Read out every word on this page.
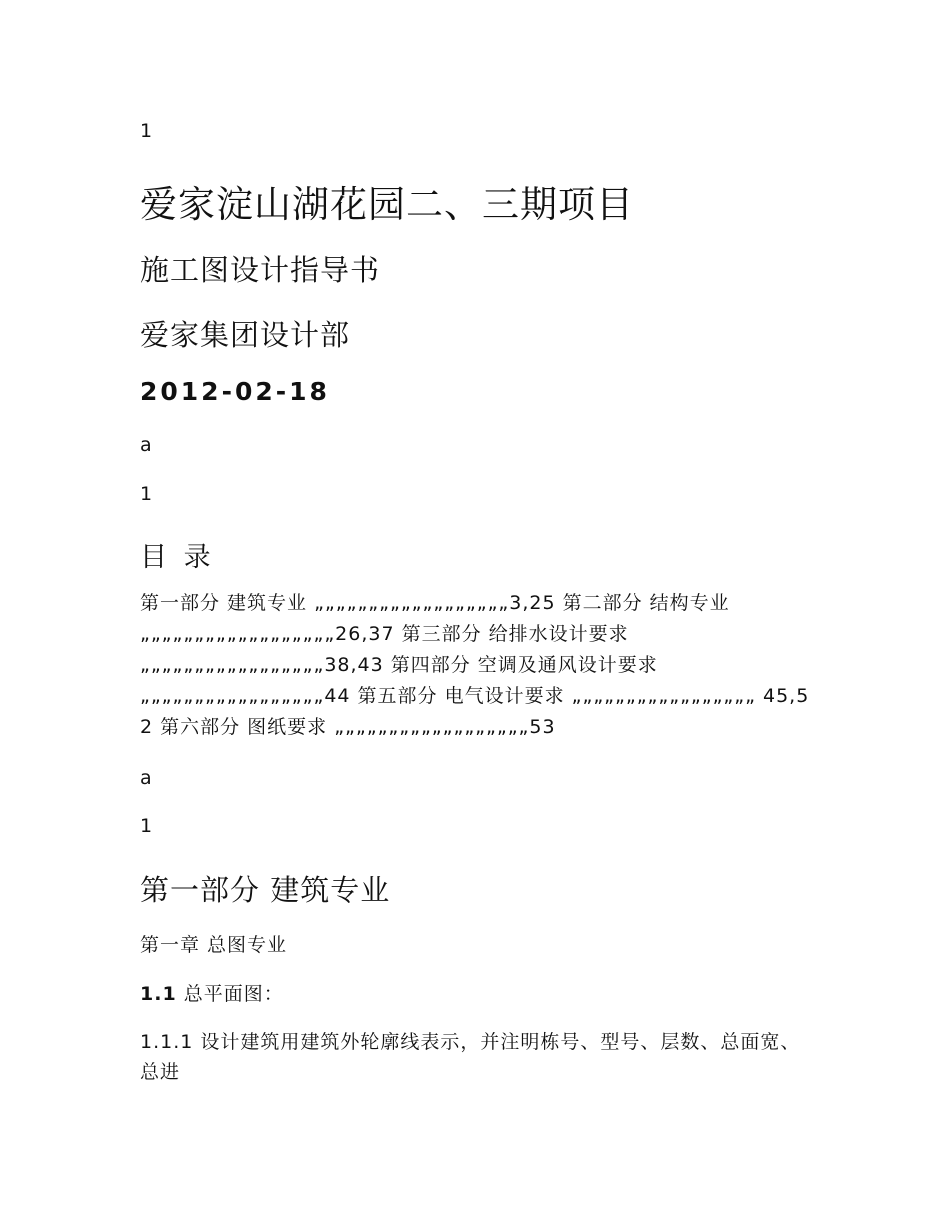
1
爱家淀山湖花园二、三期项目
施工图设计指导书
爱家集团设计部
2012-02-18
a
1
目 录

第一部分 建筑专业 „„„„„„„„„„„„„„„„„„3,25 第二部分 结构专业 „„„„„„„„„„„„„„„„„„26,37 第三部分 给排水设计要求 „„„„„„„„„„„„„„„„„38,43 第四部分 空调及通风设计要求„„„„„„„„„„„„„„„„„44 第五部分 电气设计要求 „„„„„„„„„„„„„„„„„ 45,52 第六部分 图纸要求 „„„„„„„„„„„„„„„„„„53

a
1
第一部分 建筑专业
第一章 总图专业
1.1 总平面图：

1.1.1 设计建筑用建筑外轮廓线表示，并注明栋号、型号、层数、总面宽、总进
